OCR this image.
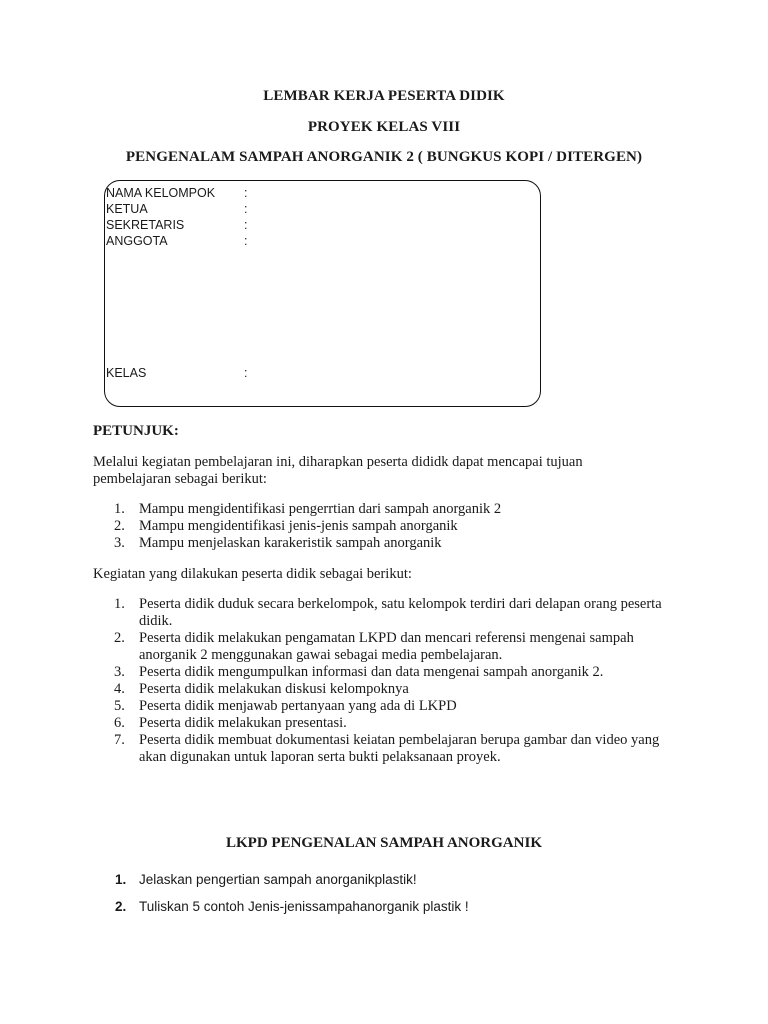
LEMBAR KERJA PESERTA DIDIK
PROYEK KELAS VIII
PENGENALAM SAMPAH ANORGANIK 2 ( BUNGKUS KOPI / DITERGEN)
NAMA KELOMPOK :
KETUA	:
SEKRETARIS	:
ANGGOTA	:
KELAS	:
PETUNJUK:
Melalui kegiatan pembelajaran ini, diharapkan peserta dididk dapat mencapai tujuan pembelajaran sebagai berikut:
1. Mampu mengidentifikasi pengerrtian dari sampah anorganik 2
2. Mampu mengidentifikasi jenis-jenis sampah anorganik
3. Mampu menjelaskan karakeristik sampah anorganik
Kegiatan yang dilakukan peserta didik sebagai berikut:
1. Peserta didik duduk secara berkelompok, satu kelompok terdiri dari delapan orang peserta didik.
2. Peserta didik melakukan pengamatan LKPD dan mencari referensi mengenai sampah anorganik 2 menggunakan gawai sebagai media pembelajaran.
3. Peserta didik mengumpulkan informasi dan data mengenai sampah anorganik 2.
4. Peserta didik melakukan diskusi kelompoknya
5. Peserta didik menjawab pertanyaan yang ada di LKPD
6. Peserta didik melakukan presentasi.
7. Peserta didik membuat dokumentasi keiatan pembelajaran berupa gambar dan video yang akan digunakan untuk laporan serta bukti pelaksanaan proyek.
LKPD PENGENALAN SAMPAH ANORGANIK
1. Jelaskan pengertian sampah anorganikplastik!
2. Tuliskan 5 contoh Jenis-jenissampahanorganik plastik !
